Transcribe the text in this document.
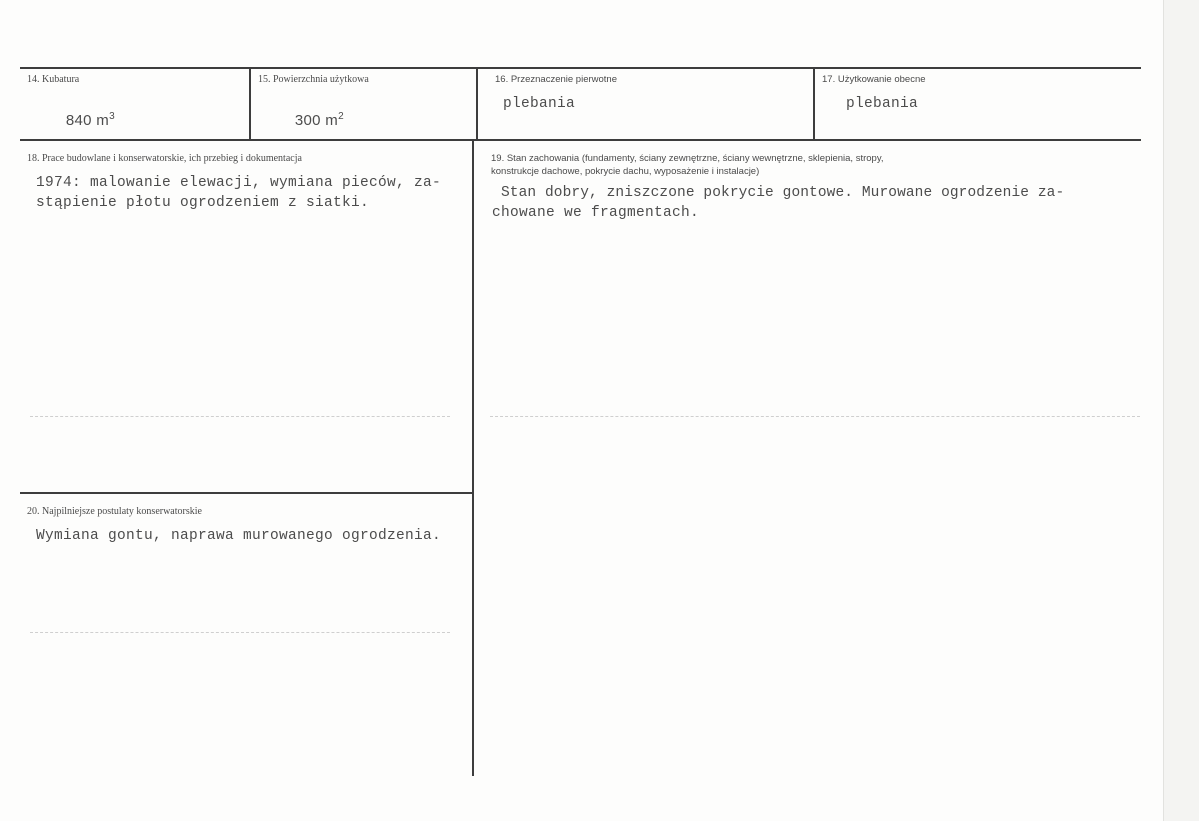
14. Kubatura

840 $m^3$

15. Powierzchnia użytkowa

300 $m^2$

16. Przeznaczenie pierwotne
plebania
17. Użytkowanie obecne
plebania
18. Prace budowlane i konserwatorskie, ich przebieg i dokumentacja
1974: malowanie elewacji, wymiana pieców, za-
stąpienie płotu ogrodzeniem z siatki.
19. Stan zachowania (fundamenty, ściany zewnętrzne, ściany wewnętrzne, sklepienia, stropy,
konstrukcje dachowe, pokrycie dachu, wyposażenie i instalacje)
Stan dobry, zniszczone pokrycie gontowe. Murowane ogrodzenie za-
chowane we fragmentach.
20. Najpilniejsze postulaty konserwatorskie
Wymiana gontu, naprawa murowanego ogrodzenia.
